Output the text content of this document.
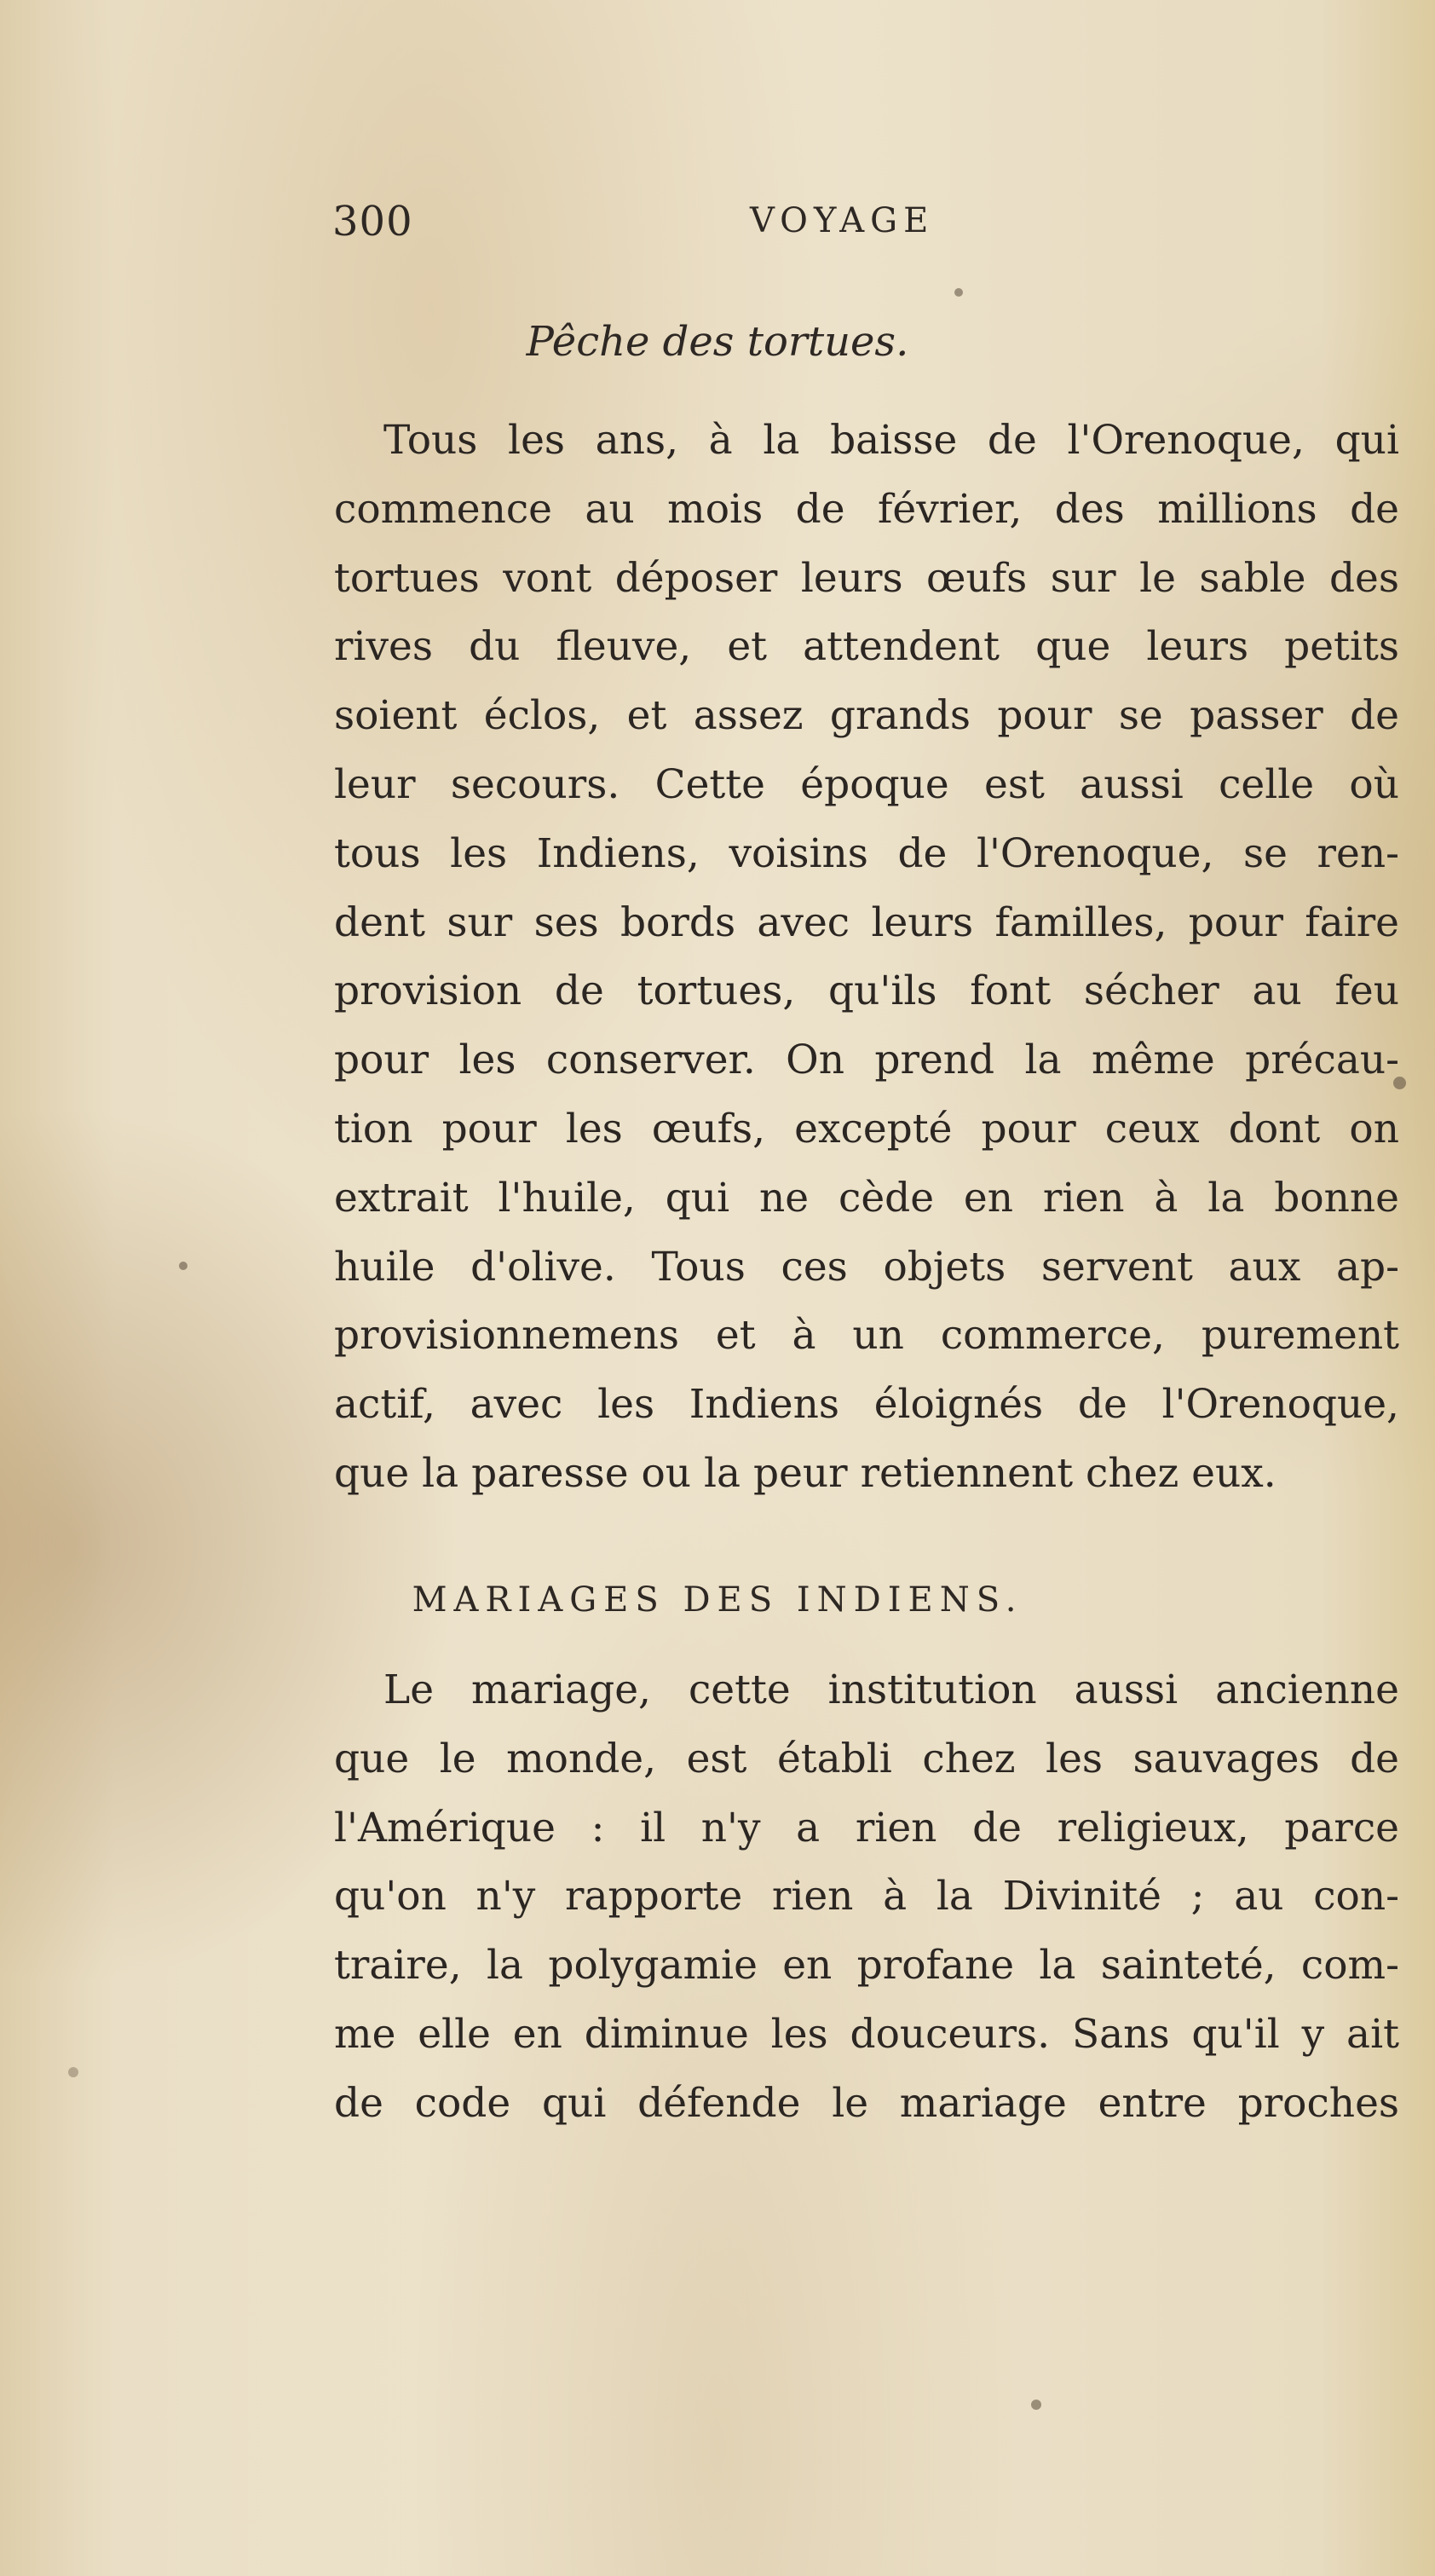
300	VOYAGE
Pêche des tortues.
Tous les ans, à la baisse de l'Orenoque, qui
commence au mois de février, des millions de
tortues vont déposer leurs œufs sur le sable des
rives du fleuve, et attendent que leurs petits
soient éclos, et assez grands pour se passer de
leur secours. Cette époque est aussi celle où
tous les Indiens, voisins de l'Orenoque, se ren-
dent sur ses bords avec leurs familles, pour faire
provision de tortues, qu'ils font sécher au feu
pour les conserver. On prend la même précau-
tion pour les œufs, excepté pour ceux dont on
extrait l'huile, qui ne cède en rien à la bonne
huile d'olive. Tous ces objets servent aux ap-
provisionnemens et à un commerce, purement
actif, avec les Indiens éloignés de l'Orenoque,
que la paresse ou la peur retiennent chez eux.
MARIAGES DES INDIENS.
Le mariage, cette institution aussi ancienne
que le monde, est établi chez les sauvages de
l'Amérique : il n'y a rien de religieux, parce
qu'on n'y rapporte rien à la Divinité ; au con-
traire, la polygamie en profane la sainteté, com-
me elle en diminue les douceurs. Sans qu'il y ait
de code qui défende le mariage entre proches
